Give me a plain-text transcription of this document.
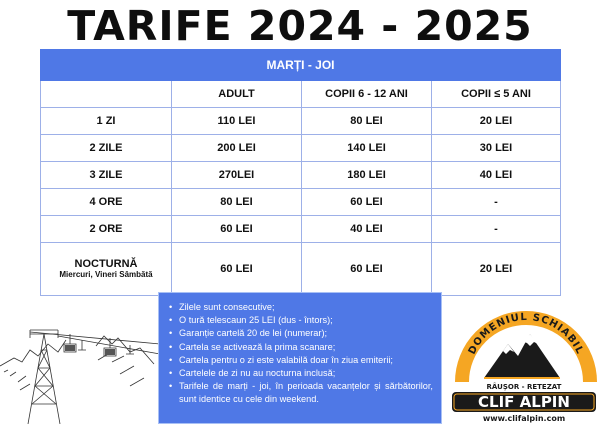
TARIFE 2024 - 2025
MARȚI - JOI			
	ADULT	COPII 6 - 12 ANI	COPII ≤ 5 ANI
1 ZI	110 LEI	80 LEI	20 LEI
2 ZILE	200 LEI	140 LEI	30 LEI
3 ZILE	270LEI	180 LEI	40 LEI
4 ORE	80 LEI	60 LEI	-
2 ORE	60 LEI	40 LEI	-

NOCTURNĂ
Miercuri, Vineri Sâmbătă	60 LEI	60 LEI	20 LEI
• Zilele sunt consecutive;
• O tură telescaun 25 LEI (dus - întors);
• Garanție cartelă 20 de lei (numerar);
• Cartela se activează la prima scanare;
• Cartela pentru o zi este valabilă doar în ziua emiterii;
• Cartelele de zi nu au nocturna inclusă;
• Tarifele de marți - joi, în perioada vacanțelor și sărbătorilor, sunt identice cu cele din weekend.
DOMENIUL SCHIABIL
RÂUȘOR - RETEZAT
CLIF ALPIN
www.clifalpin.com
